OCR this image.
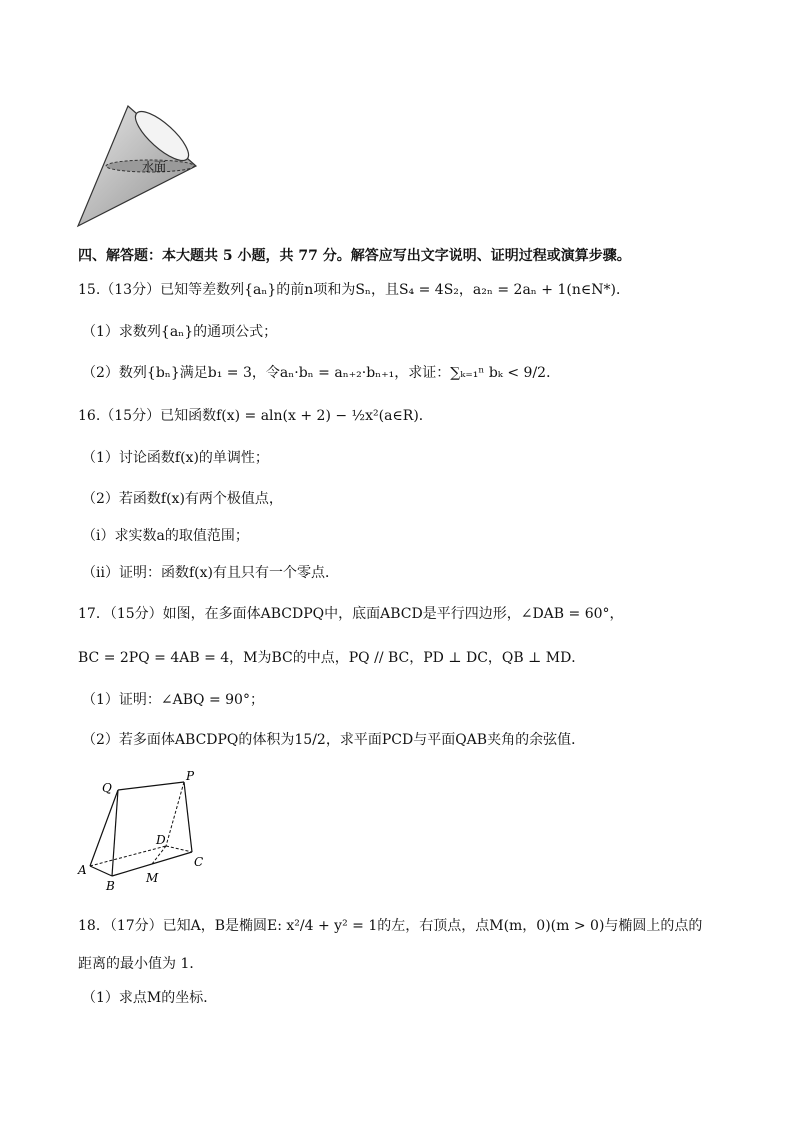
水面
四、解答题：本大题共 5 小题，共 77 分。解答应写出文字说明、证明过程或演算步骤。
15.（13分）已知等差数列{aₙ}的前n项和为Sₙ，且S₄ = 4S₂，a₂ₙ = 2aₙ + 1(n∈N*)．
（1）求数列{aₙ}的通项公式；
（2）数列{bₙ}满足b₁ = 3，令aₙ·bₙ = aₙ₊₂·bₙ₊₁，求证：∑ₖ₌₁ⁿ bₖ < 9/2．
16.（15分）已知函数f(x) = aln(x + 2) − ½x²(a∈R)．
（1）讨论函数f(x)的单调性；
（2）若函数f(x)有两个极值点，
（ⅰ）求实数a的取值范围；
（ⅱ）证明：函数f(x)有且只有一个零点．
17．（15分）如图，在多面体ABCDPQ中，底面ABCD是平行四边形，∠DAB = 60°，
BC = 2PQ = 4AB = 4，M为BC的中点，PQ // BC，PD ⊥ DC，QB ⊥ MD．
（1）证明：∠ABQ = 90°；
（2）若多面体ABCDPQ的体积为15/2，求平面PCD与平面QAB夹角的余弦值．
Q
P
A
B
C
D
M
18．（17分）已知A，B是椭圆E: x²/4 + y² = 1的左，右顶点，点M(m，0)(m > 0)与椭圆上的点的
距离的最小值为 1．
（1）求点M的坐标．
